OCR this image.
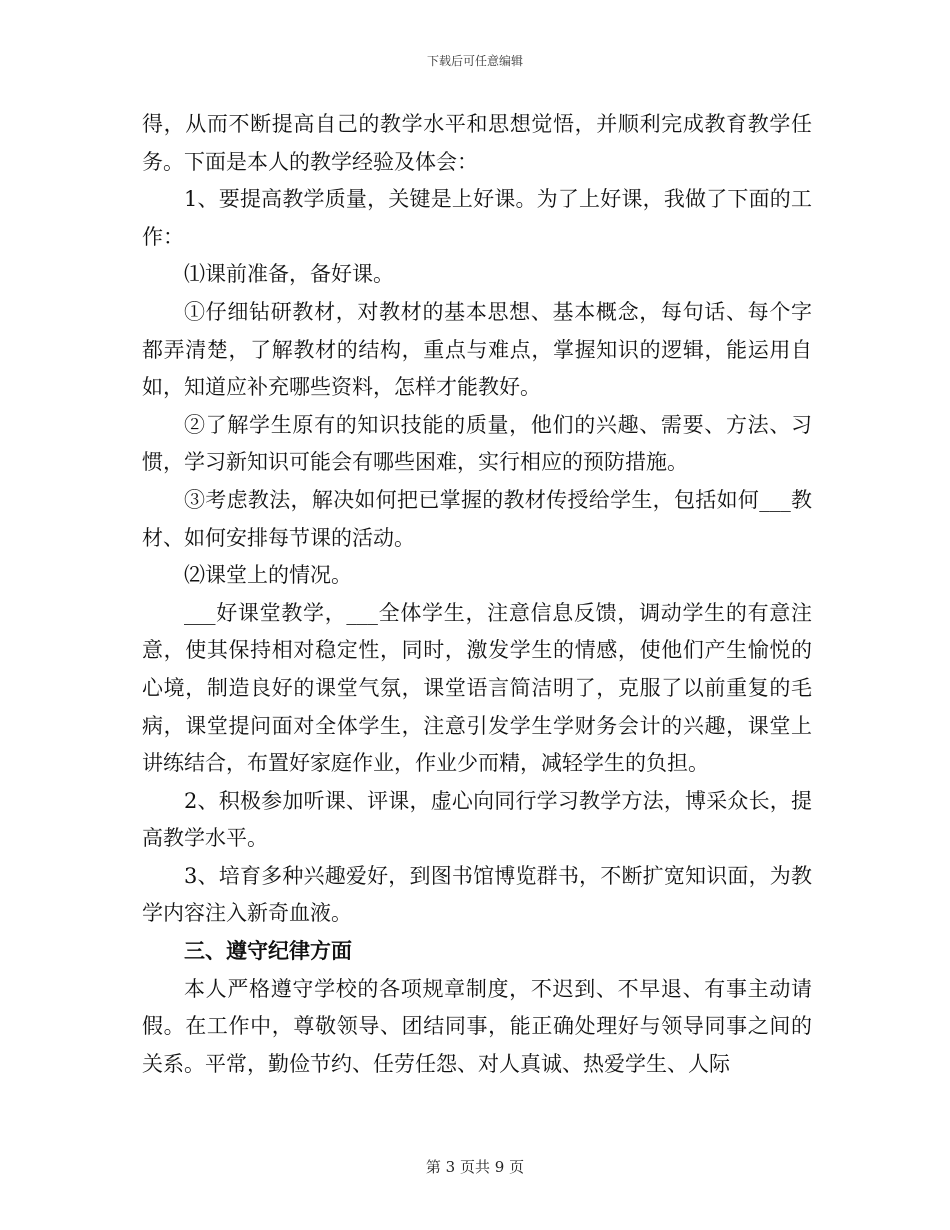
下载后可任意编辑

得，从而不断提高自己的教学水平和思想觉悟，并顺利完成教育教学任务。下面是本人的教学经验及体会：

1、要提高教学质量，关键是上好课。为了上好课，我做了下面的工作：

⑴课前准备，备好课。

①仔细钻研教材，对教材的基本思想、基本概念，每句话、每个字都弄清楚，了解教材的结构，重点与难点，掌握知识的逻辑，能运用自如，知道应补充哪些资料，怎样才能教好。

②了解学生原有的知识技能的质量，他们的兴趣、需要、方法、习惯，学习新知识可能会有哪些困难，实行相应的预防措施。

③考虑教法，解决如何把已掌握的教材传授给学生，包括如何___教材、如何安排每节课的活动。

⑵课堂上的情况。

___好课堂教学，___全体学生，注意信息反馈，调动学生的有意注意，使其保持相对稳定性，同时，激发学生的情感，使他们产生愉悦的心境，制造良好的课堂气氛，课堂语言简洁明了，克服了以前重复的毛病，课堂提问面对全体学生，注意引发学生学财务会计的兴趣，课堂上讲练结合，布置好家庭作业，作业少而精，减轻学生的负担。

2、积极参加听课、评课，虚心向同行学习教学方法，博采众长，提高教学水平。

3、培育多种兴趣爱好，到图书馆博览群书，不断扩宽知识面，为教学内容注入新奇血液。

三、遵守纪律方面

本人严格遵守学校的各项规章制度，不迟到、不早退、有事主动请假。在工作中，尊敬领导、团结同事，能正确处理好与领导同事之间的关系。平常，勤俭节约、任劳任怨、对人真诚、热爱学生、人际

第 3 页共 9 页
